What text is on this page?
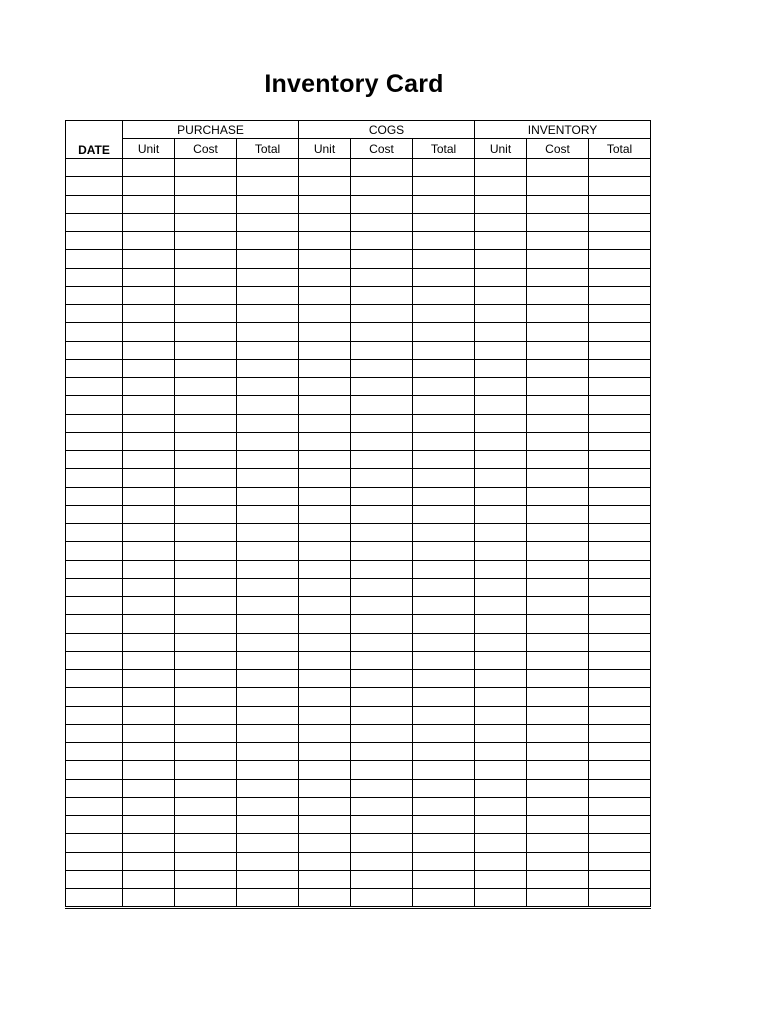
Inventory Card
	PURCHASE			COGS			INVENTORY		
DATE	Unit	Cost	Total	Unit	Cost	Total	Unit	Cost	Total
